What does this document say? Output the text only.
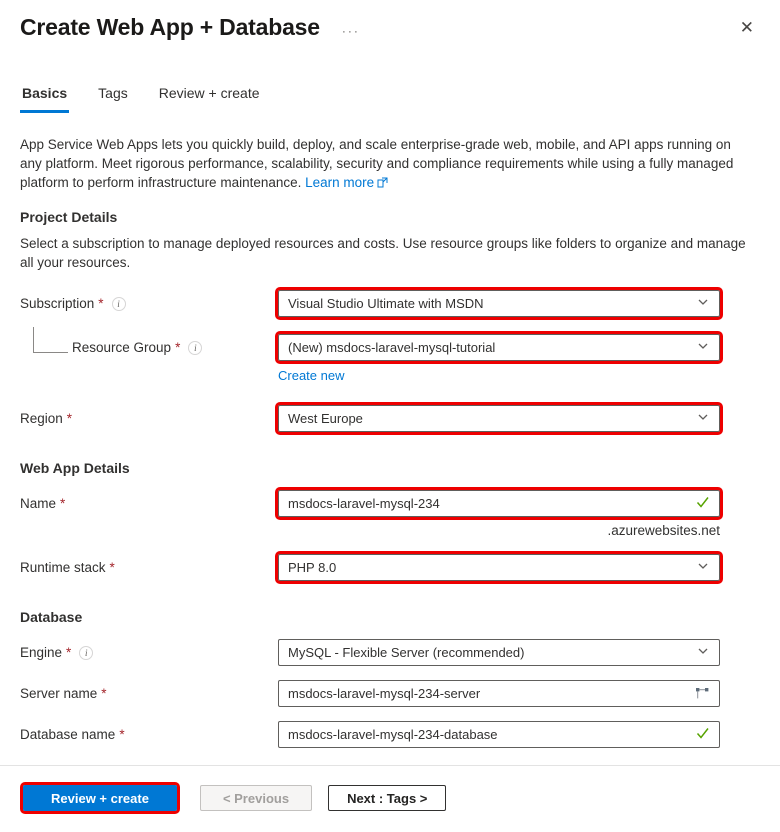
Create Web App + Database ···	✕
Basics Tags Review + create
App Service Web Apps lets you quickly build, deploy, and scale enterprise-grade web, mobile, and API apps running on any platform. Meet rigorous performance, scalability, security and compliance requirements while using a fully managed platform to perform infrastructure maintenance. Learn more
Project Details
Select a subscription to manage deployed resources and costs. Use resource groups like folders to organize and manage all your resources.
Subscription *	i	Visual Studio Ultimate with MSDN
Resource Group *	i	(New) msdocs-laravel-mysql-tutorial
Create new
Region *	West Europe
Web App Details
Name *
msdocs-laravel-mysql-234
.azurewebsites.net
Runtime stack *	PHP 8.0
Database
Engine *	i	MySQL - Flexible Server (recommended)
Server name *
msdocs-laravel-mysql-234-server
Database name *
msdocs-laravel-mysql-234-database
Review + create	< Previous	Next : Tags >
